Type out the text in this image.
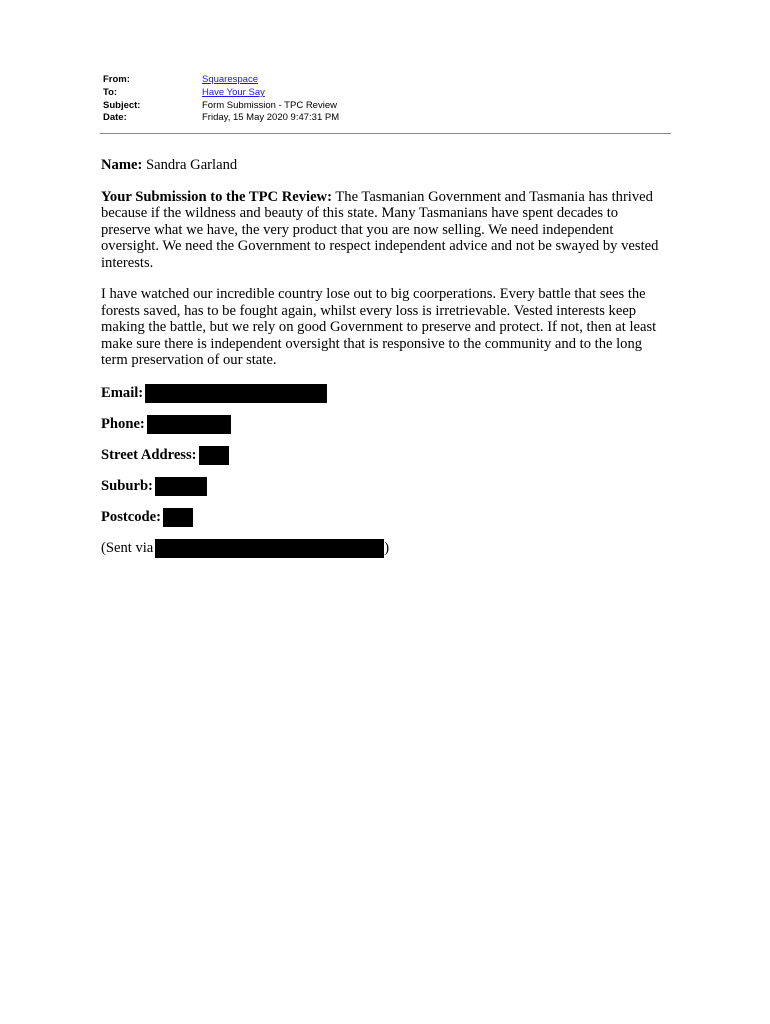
From:	Squarespace
To:	Have Your Say
Subject:	Form Submission - TPC Review
Date:	Friday, 15 May 2020 9:47:31 PM

Name: Sandra Garland

Your Submission to the TPC Review: The Tasmanian Government and Tasmania has thrived because if the wildness and beauty of this state. Many Tasmanians have spent decades to preserve what we have, the very product that you are now selling. We need independent oversight. We need the Government to respect independent advice and not be swayed by vested interests.

I have watched our incredible country lose out to big coorperations. Every battle that sees the forests saved, has to be fought again, whilst every loss is irretrievable. Vested interests keep making the battle, but we rely on good Government to preserve and protect. If not, then at least make sure there is independent oversight that is responsive to the community and to the long term preservation of our state.

Email:
Phone:
Street Address:
Suburb:
Postcode:
(Sent via	)
